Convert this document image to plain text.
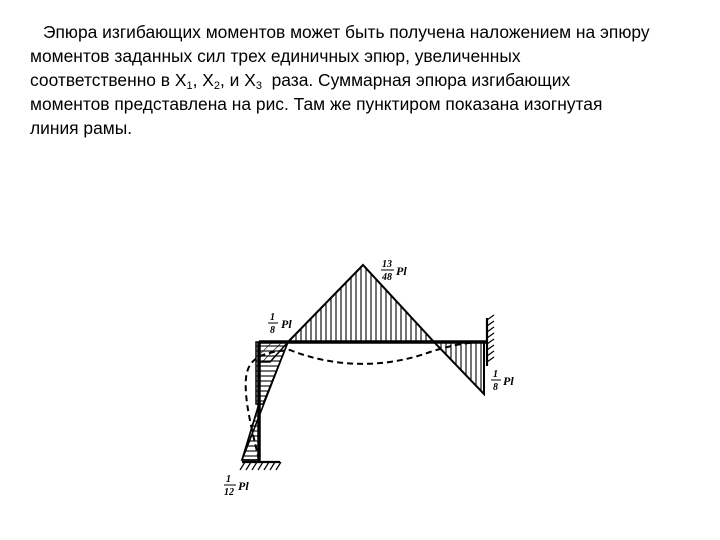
Эпюра изгибающих моментов может быть получена наложением на эпюру
моментов заданных сил трех единичных эпюр, увеличенных
соответственно в $X_1$, $X_2$, и $X_3$  раза. Суммарная эпюра изгибающих
моментов представлена на рис. Там же пунктиром показана изогнутая
линия рамы.
13
48 Pl
1
8 Pl
1
8 Pl
1
12 Pl
